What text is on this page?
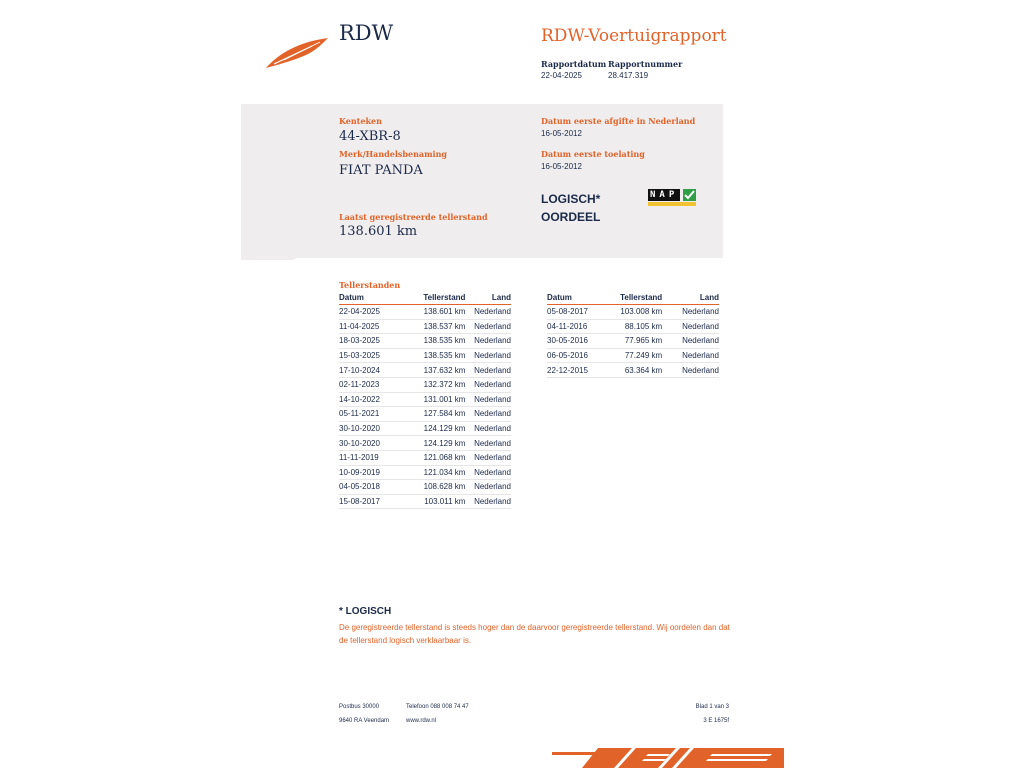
RDW	RDW-Voertuigrapport
Rapportdatum
22-04-2025
Rapportnummer
28.417.319
Kenteken
44-XBR-8
Merk/Handelsbenaming
FIAT PANDA
Laatst geregistreerde tellerstand
138.601 km
Datum eerste afgifte in Nederland
16-05-2012
Datum eerste toelating
16-05-2012
LOGISCH*
OORDEEL
NAP
Tellerstanden
Datum	Tellerstand	Land
22-04-2025	138.601 km	Nederland
11-04-2025	138.537 km	Nederland
18-03-2025	138.535 km	Nederland
15-03-2025	138.535 km	Nederland
17-10-2024	137.632 km	Nederland
02-11-2023	132.372 km	Nederland
14-10-2022	131.001 km	Nederland
05-11-2021	127.584 km	Nederland
30-10-2020	124.129 km	Nederland
30-10-2020	124.129 km	Nederland
11-11-2019	121.068 km	Nederland
10-09-2019	121.034 km	Nederland
04-05-2018	108.628 km	Nederland
15-08-2017	103.011 km	Nederland
Datum	Tellerstand	Land
05-08-2017	103.008 km	Nederland
04-11-2016	88.105 km	Nederland
30-05-2016	77.965 km	Nederland
06-05-2016	77.249 km	Nederland
22-12-2015	63.364 km	Nederland
* LOGISCH
De geregistreerde tellerstand is steeds hoger dan de daarvoor geregistreerde tellerstand. Wij oordelen dan dat de tellerstand logisch verklaarbaar is.
Postbus 30000
9640 RA Veendam
Telefoon 088 008 74 47
www.rdw.nl
Blad 1 van 3
3 E 1675f
